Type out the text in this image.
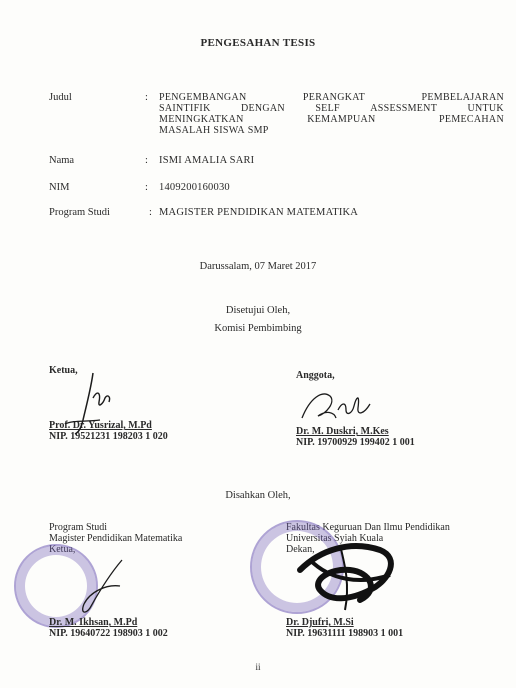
PENGESAHAN TESIS
Judul	: PENGEMBANGAN	PERANGKAT	PEMBELAJARAN
SAINTIFIK	DENGAN	SELF	ASSESSMENT	UNTUK
MENINGKATKAN	KEMAMPUAN	PEMECAHAN
MASALAH
SISWA
SMP
Nama	: ISMI AMALIA SARI
NIM	: 1409200160030
Program Studi	: MAGISTER PENDIDIKAN MATEMATIKA
Darussalam, 07 Maret 2017
Disetujui Oleh,
Komisi Pembimbing
Ketua,
Prof. Dr. Yusrizal, M.Pd
NIP. 19521231 198203 1 020
Anggota,
Dr. M. Duskri, M.Kes
NIP. 19700929 199402 1 001
Disahkan Oleh,
Program Studi
Magister Pendidikan Matematika
Ketua,
Dr. M. Ikhsan, M.Pd
NIP. 19640722 198903 1 002
Fakultas Keguruan Dan Ilmu Pendidikan
Universitas Syiah Kuala
Dekan,
Dr. Djufri, M.Si
NIP. 19631111 198903 1 001
ii
